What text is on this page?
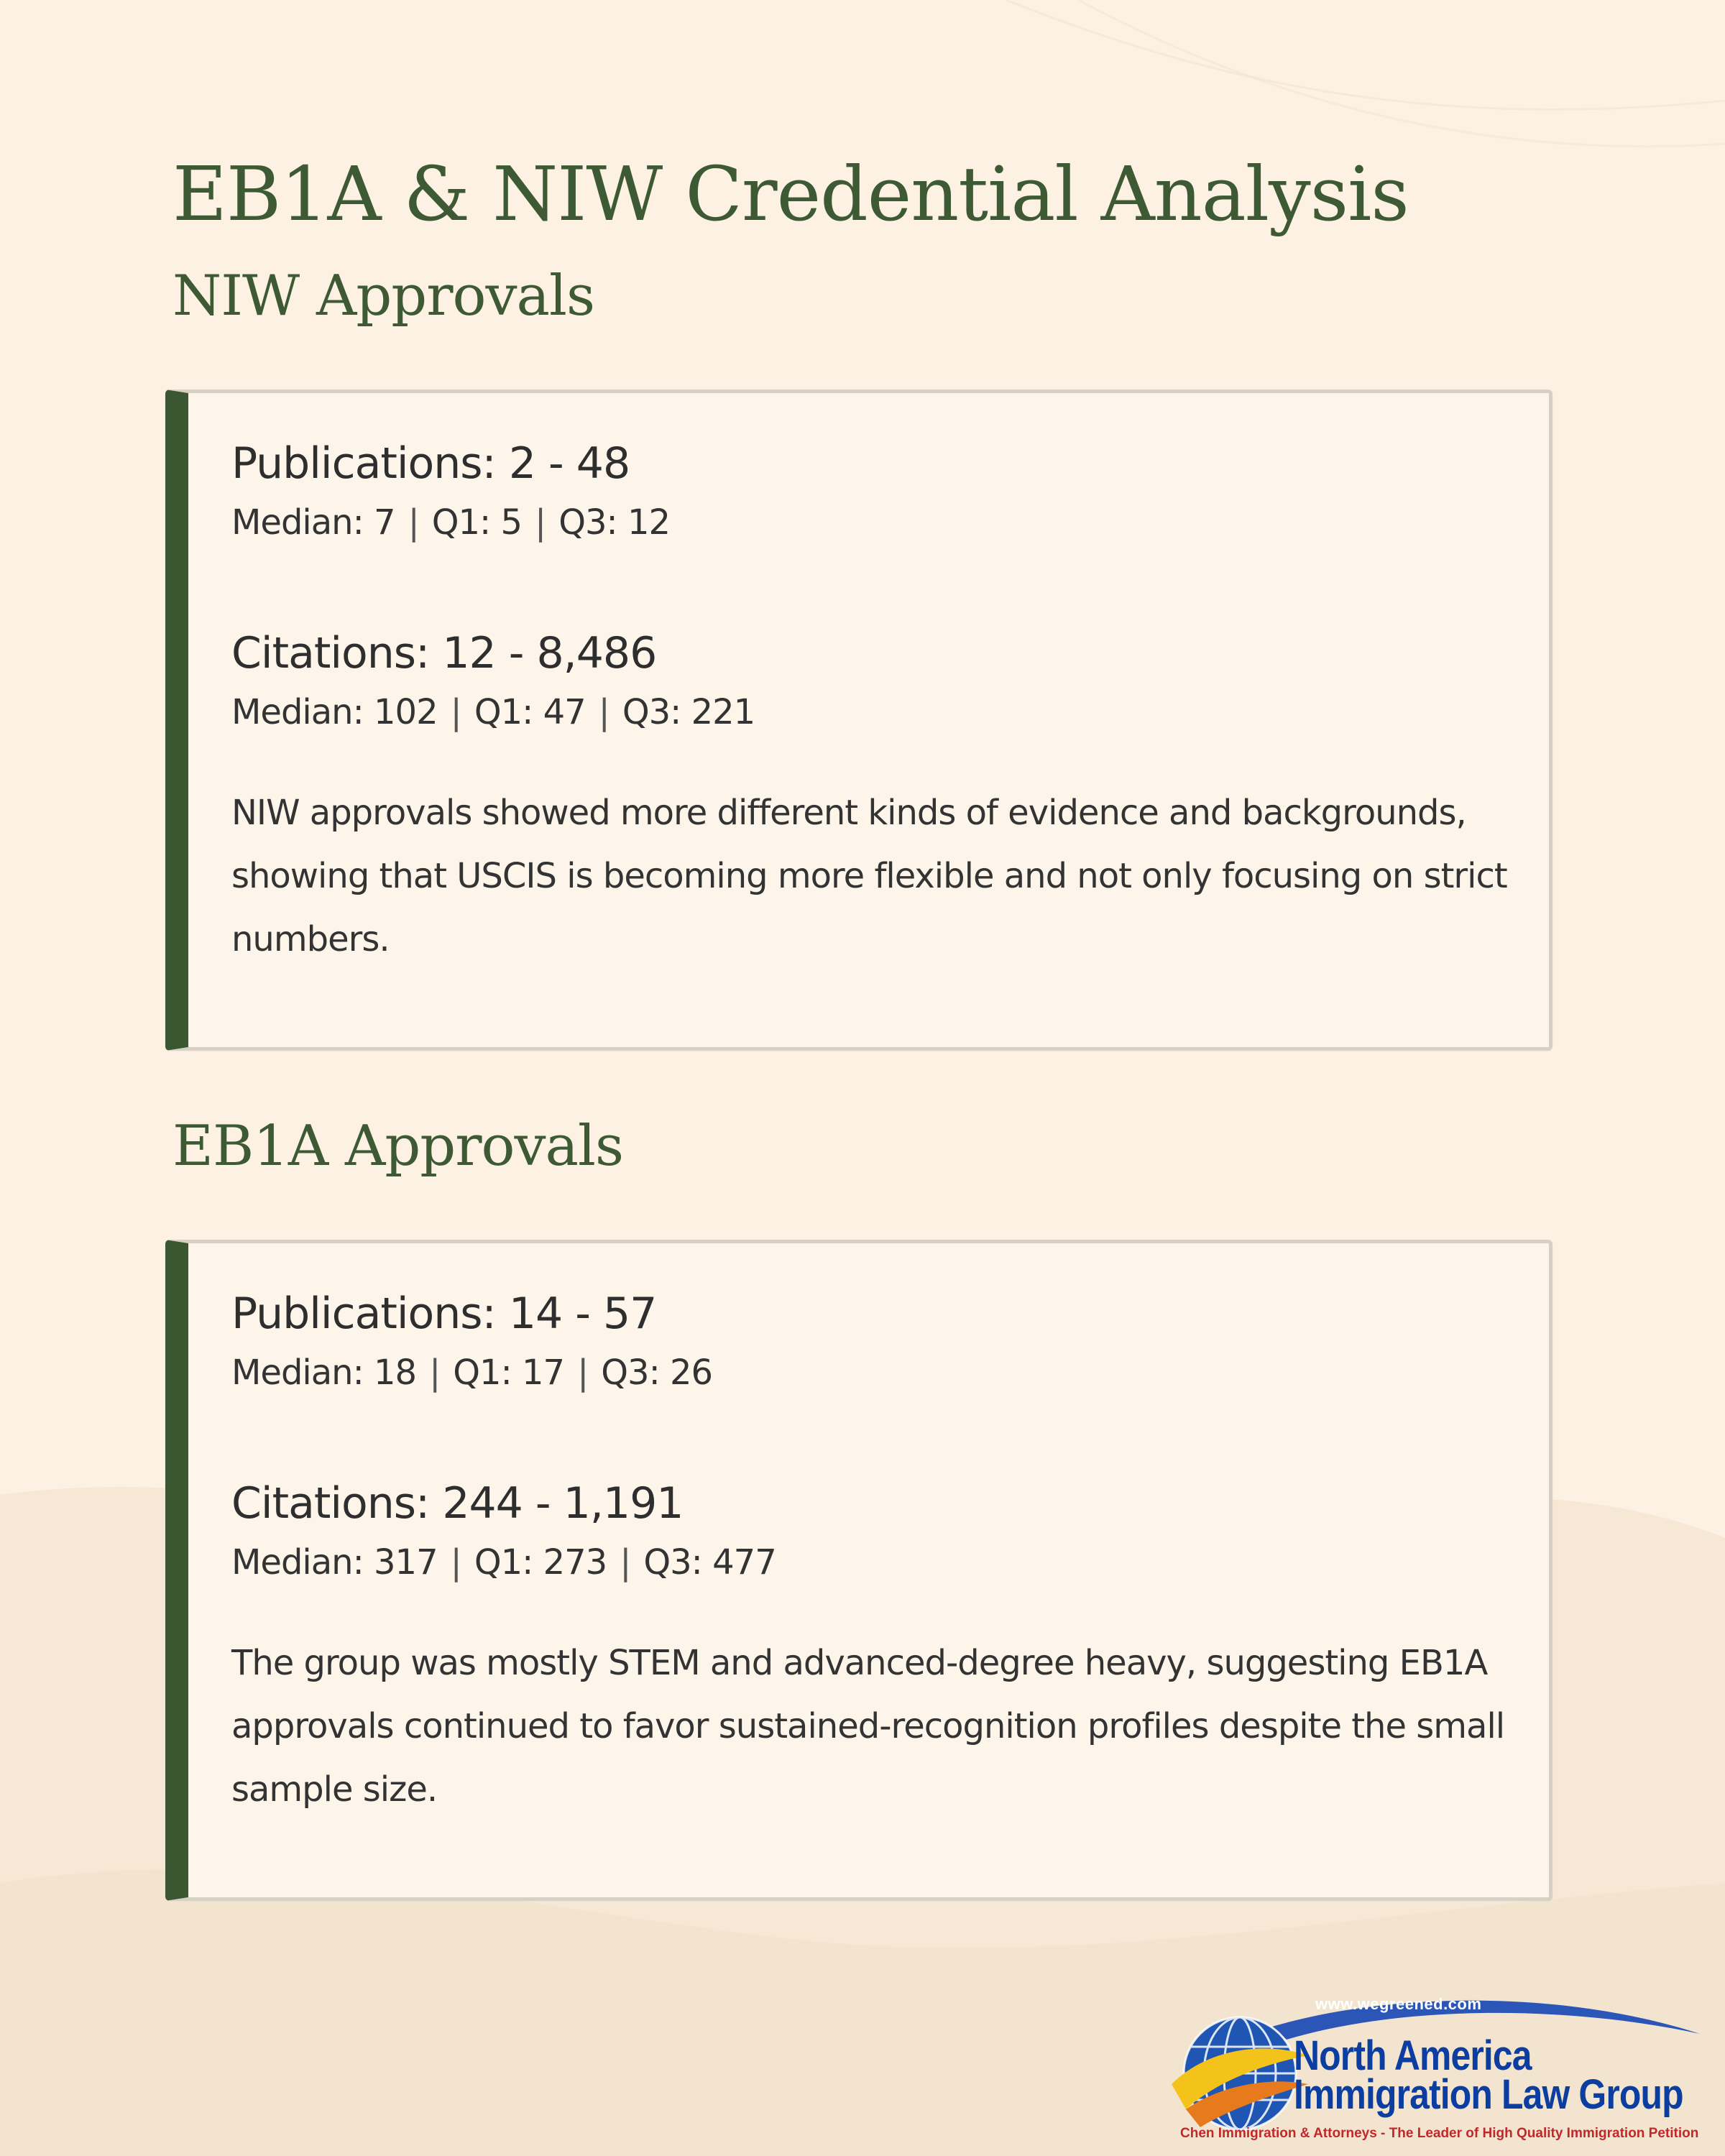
EB1A & NIW Credential Analysis
NIW Approvals

Publications: 2 - 48

Median: 7 | Q1: 5 | Q3: 12

Citations: 12 - 8,486

Median: 102 | Q1: 47 | Q3: 221

NIW approvals showed more different kinds of evidence and backgrounds, showing that USCIS is becoming more flexible and not only focusing on strict numbers.

EB1A Approvals

Publications: 14 - 57

Median: 18 | Q1: 17 | Q3: 26

Citations: 244 - 1,191

Median: 317 | Q1: 273 | Q3: 477

The group was mostly STEM and advanced-degree heavy, suggesting EB1A approvals continued to favor sustained-recognition profiles despite the small sample size.

www.wegreened.com
North America
Immigration Law Group
Chen Immigration & Attorneys - The Leader of High Quality Immigration Petition
